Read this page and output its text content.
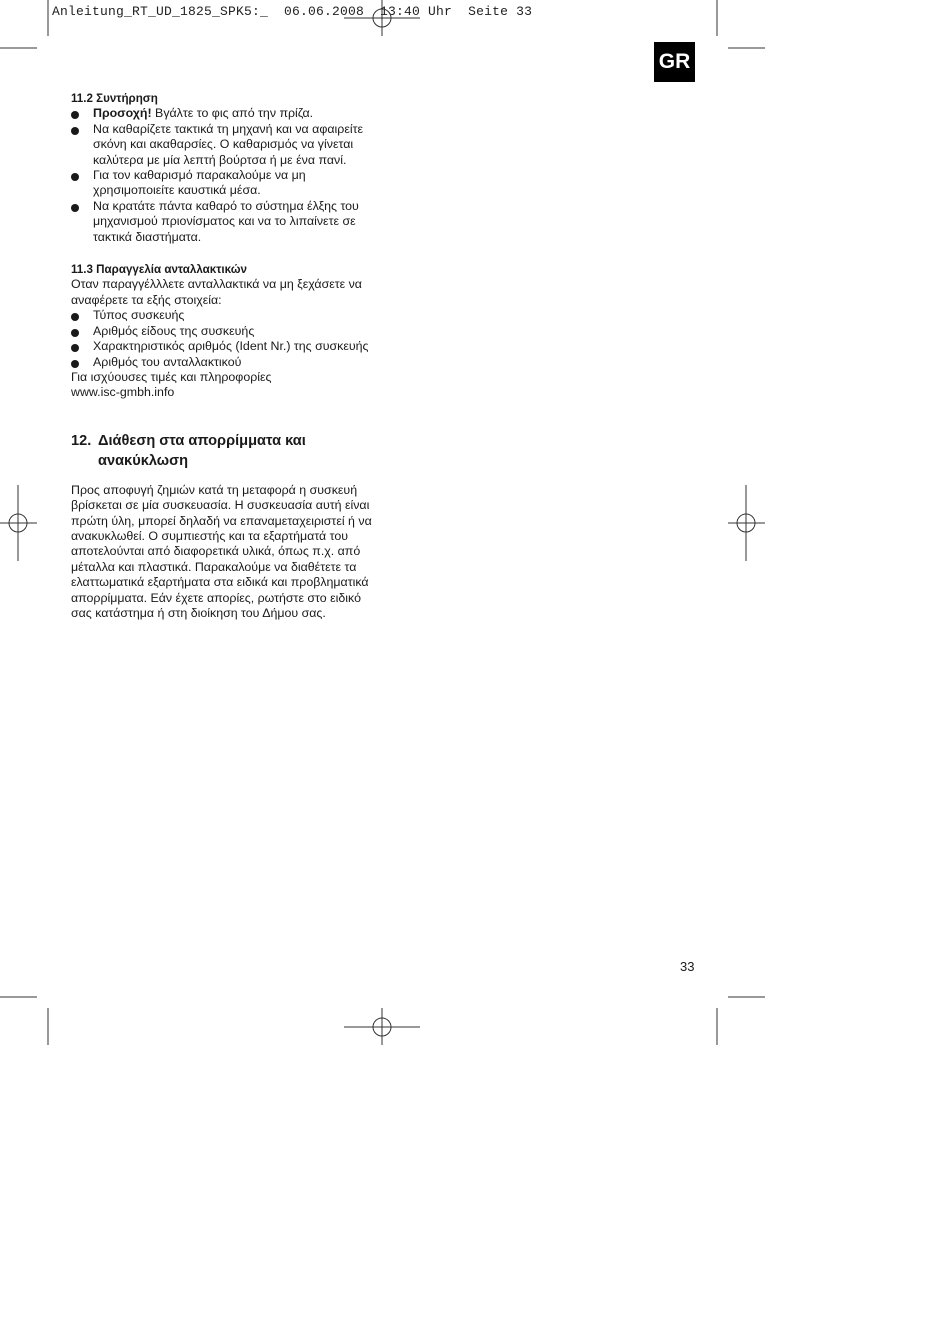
Anleitung_RT_UD_1825_SPK5:_  06.06.2008  13:40 Uhr  Seite 33
GR
11.2 Συντήρηση
Προσοχή! Βγάλτε το φις από την πρίζα.
Να καθαρίζετε τακτικά τη μηχανή και να αφαιρείτε σκόνη και ακαθαρσίες. Ο καθαρισμός να γίνεται καλύτερα με μία λεπτή βούρτσα ή με ένα πανί.
Για τον καθαρισμό παρακαλούμε να μη χρησιμοποιείτε καυστικά μέσα.
Να κρατάτε πάντα καθαρό το σύστημα έλξης του μηχανισμού πριονίσματος και να το λιπαίνετε σε τακτικά διαστήματα.
11.3 Παραγγελία ανταλλακτικών

Οταν παραγγέλλλετε ανταλλακτικά να μη ξεχάσετε να αναφέρετε τα εξής στοιχεία:

Τύπος συσκευής
Αριθμός είδους της συσκευής
Χαρακτηριστικός αριθμός (Ident Nr.) της συσκευής
Αριθμός του ανταλλακτικού

Για ισχύουσες τιμές και πληροφορίες

www.isc-gmbh.info

12. Διάθεση στα απορρίμματα και ανακύκλωση

Προς αποφυγή ζημιών κατά τη μεταφορά η συσκευή βρίσκεται σε μία συσκευασία. Η συσκευασία αυτή είναι πρώτη ύλη, μπορεί δηλαδή να επαναμεταχειριστεί ή να ανακυκλωθεί. Ο συμπιεστής και τα εξαρτήματά του αποτελούνται από διαφορετικά υλικά, όπως π.χ. από μέταλλα και πλαστικά. Παρακαλούμε να διαθέτετε τα ελαττωματικά εξαρτήματα στα ειδικά και προβληματικά απορρίμματα. Εάν έχετε απορίες, ρωτήστε στο ειδικό σας κατάστημα ή στη διοίκηση του Δήμου σας.

33
